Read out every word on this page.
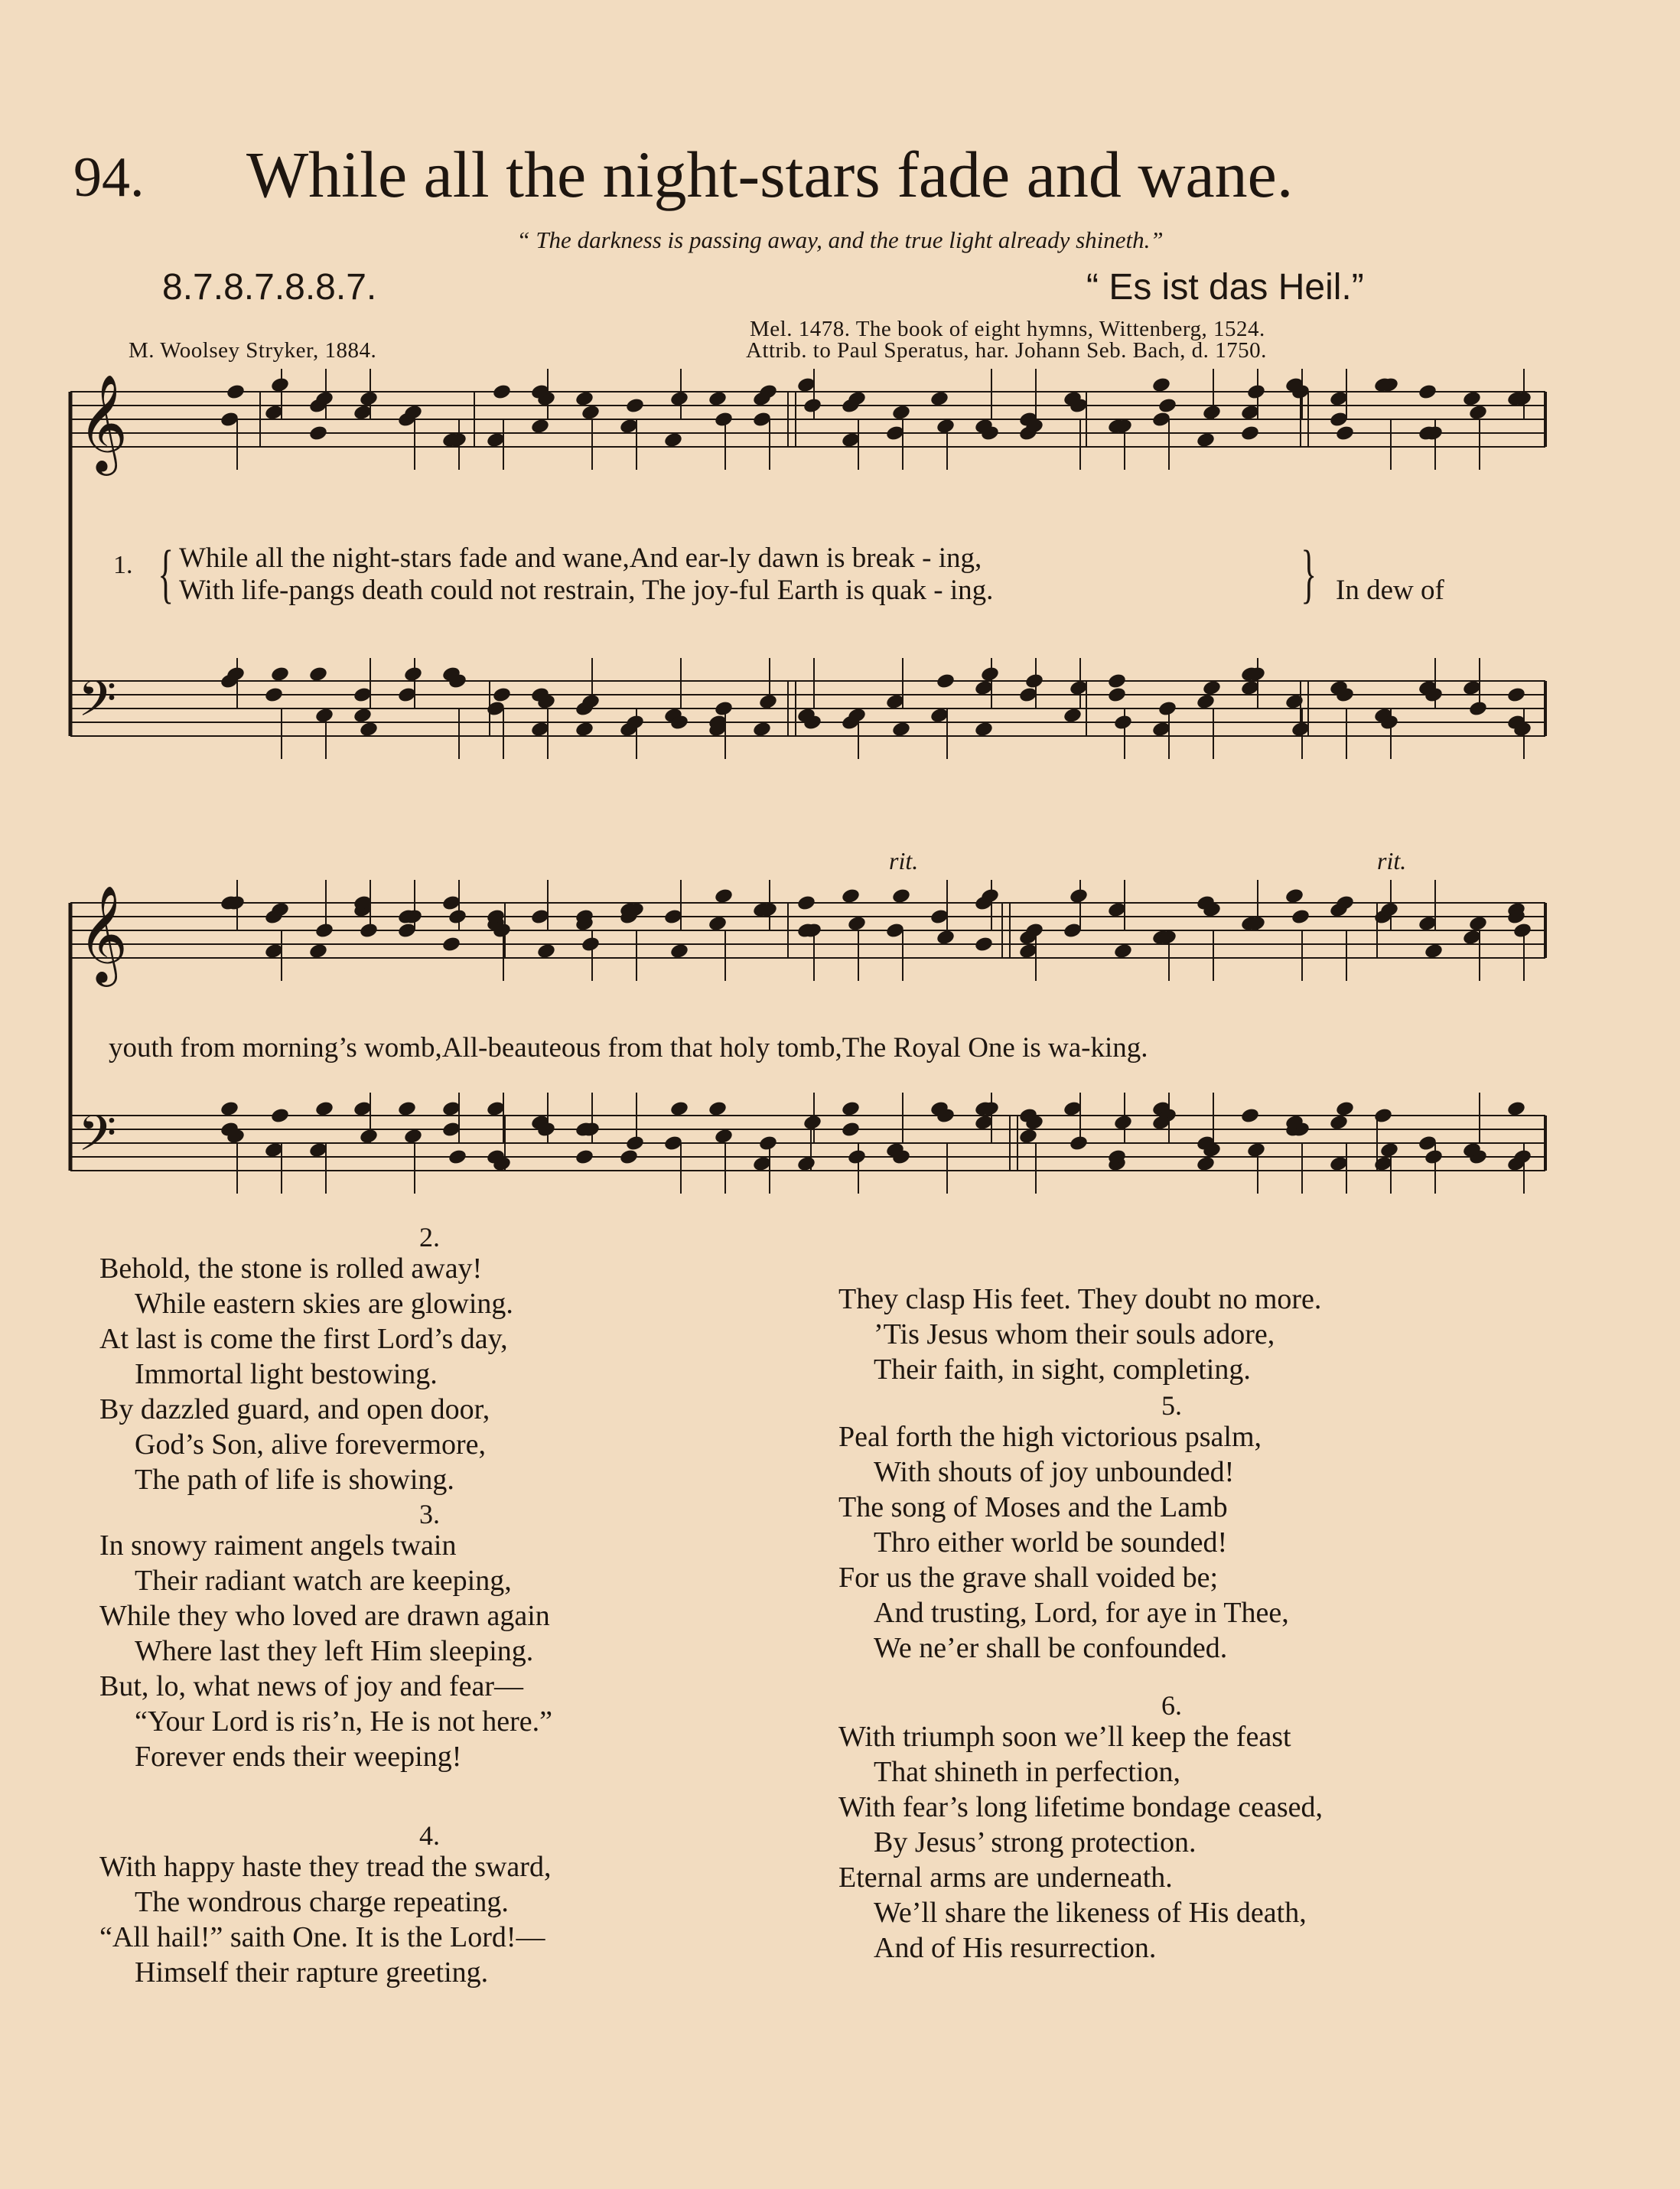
94. While all the night-stars fade and wane.
“ The darkness is passing away, and the true light already shineth.”
8.7.8.7.8.8.7.	“ Es ist das Heil.”
Mel. 1478. The book of eight hymns, Wittenberg, 1524.
M. Woolsey Stryker, 1884.	Attrib. to Paul Speratus, har. Johann Seb. Bach, d. 1750.
𝄞
𝄢
𝄞
𝄢
rit.	rit.
1. {	}
While all the night-stars fade and wane,And ear-ly dawn is break - ing,
With life-pangs death could not restrain, The joy-ful Earth is quak - ing.	In dew of
youth from morning’s womb,All-beauteous from that holy tomb,The Royal One is wa-king.
2.
Behold, the stone is rolled away!
While eastern skies are glowing.
At last is come the first Lord’s day,
Immortal light bestowing.
By dazzled guard, and open door,
God’s Son, alive forevermore,
The path of life is showing.
3.
In snowy raiment angels twain
Their radiant watch are keeping,
While they who loved are drawn again
Where last they left Him sleeping.
But, lo, what news of joy and fear—
“Your Lord is ris’n, He is not here.”
Forever ends their weeping!
4.
With happy haste they tread the sward,
The wondrous charge repeating.
“All hail!” saith One. It is the Lord!—
Himself their rapture greeting.
They clasp His feet. They doubt no more.
’Tis Jesus whom their souls adore,
Their faith, in sight, completing.
5.
Peal forth the high victorious psalm,
With shouts of joy unbounded!
The song of Moses and the Lamb
Thro either world be sounded!
For us the grave shall voided be;
And trusting, Lord, for aye in Thee,
We ne’er shall be confounded.
6.
With triumph soon we’ll keep the feast
That shineth in perfection,
With fear’s long lifetime bondage ceased,
By Jesus’ strong protection.
Eternal arms are underneath.
We’ll share the likeness of His death,
And of His resurrection.
